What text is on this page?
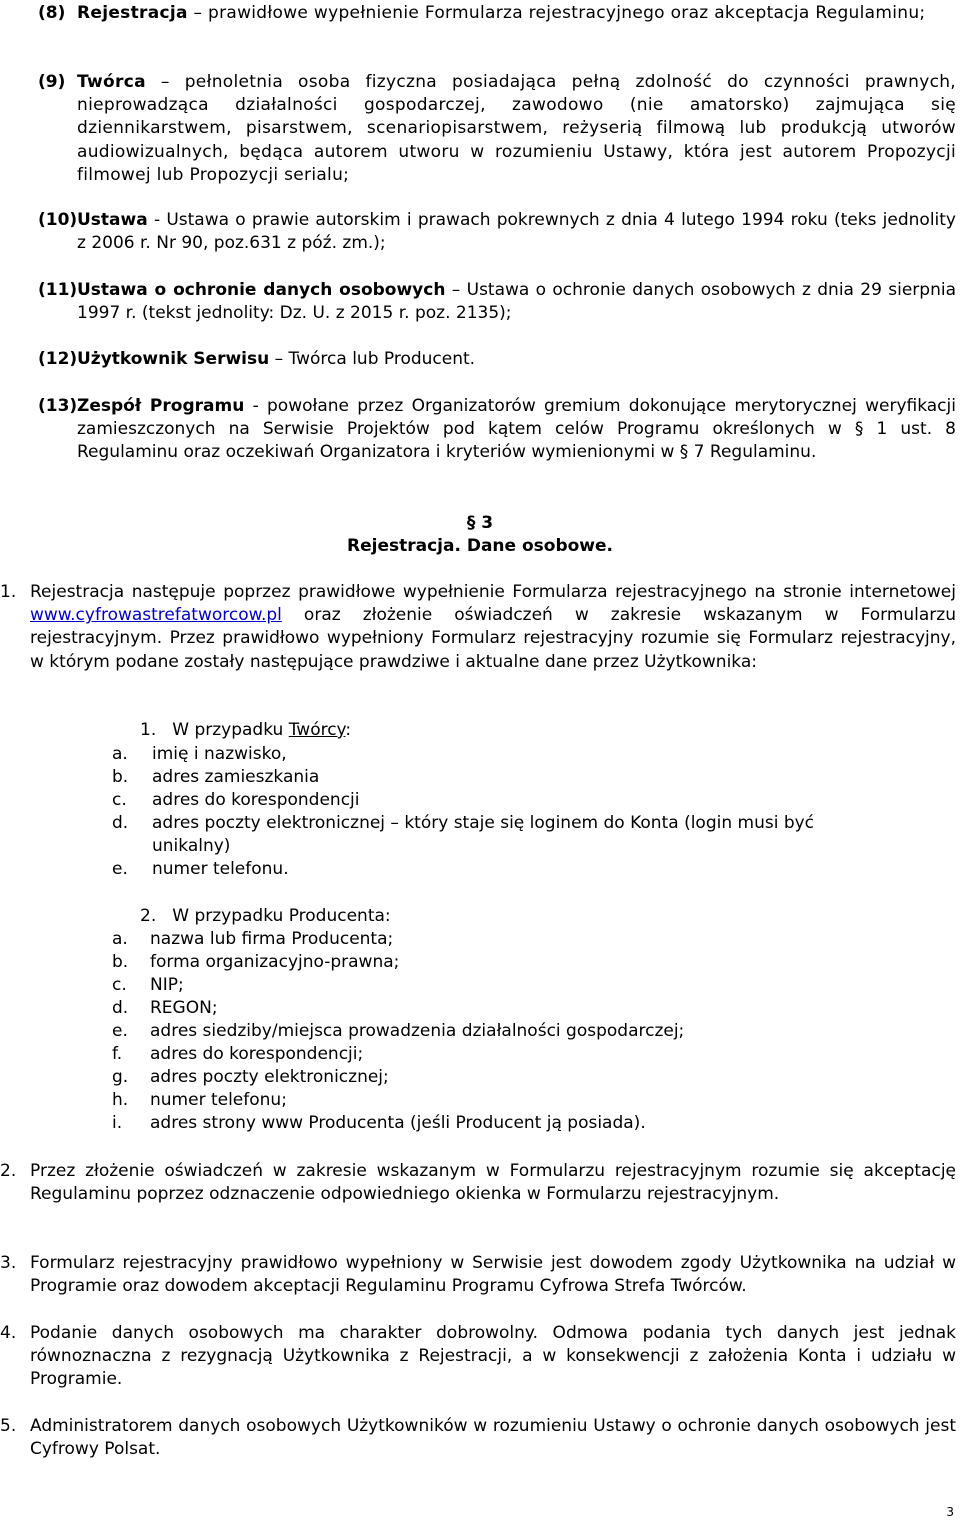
(8) Rejestracja – prawidłowe wypełnienie Formularza rejestracyjnego oraz akceptacja Regulaminu;
(9) Twórca – pełnoletnia osoba fizyczna posiadająca pełną zdolność do czynności prawnych, nieprowadząca działalności gospodarczej, zawodowo (nie amatorsko) zajmująca się dziennikarstwem, pisarstwem, scenariopisarstwem, reżyserią filmową lub produkcją utworów audiowizualnych, będąca autorem utworu w rozumieniu Ustawy, która jest autorem Propozycji filmowej lub Propozycji serialu;
(10) Ustawa - Ustawa o prawie autorskim i prawach pokrewnych z dnia 4 lutego 1994 roku (teks jednolity z 2006 r. Nr 90, poz.631 z póź. zm.);
(11) Ustawa o ochronie danych osobowych – Ustawa o ochronie danych osobowych z dnia 29 sierpnia 1997 r. (tekst jednolity: Dz. U. z 2015 r. poz. 2135);
(12) Użytkownik Serwisu – Twórca lub Producent.
(13) Zespół Programu - powołane przez Organizatorów gremium dokonujące merytorycznej weryfikacji zamieszczonych na Serwisie Projektów pod kątem celów Programu określonych w § 1 ust. 8 Regulaminu oraz oczekiwań Organizatora i kryteriów wymienionymi w § 7 Regulaminu.
§ 3
Rejestracja. Dane osobowe.
1. Rejestracja następuje poprzez prawidłowe wypełnienie Formularza rejestracyjnego na stronie internetowej www.cyfrowastrefatworcow.pl oraz złożenie oświadczeń w zakresie wskazanym w Formularzu rejestracyjnym. Przez prawidłowo wypełniony Formularz rejestracyjny rozumie się Formularz rejestracyjny, w którym podane zostały następujące prawdziwe i aktualne dane przez Użytkownika:
1. W przypadku Twórcy:
a. imię i nazwisko,
b. adres zamieszkania
c. adres do korespondencji
d. adres poczty elektronicznej – który staje się loginem do Konta (login musi być
unikalny)
e. numer telefonu.
2. W przypadku Producenta:
a. nazwa lub firma Producenta;
b. forma organizacyjno-prawna;
c. NIP;
d. REGON;
e. adres siedziby/miejsca prowadzenia działalności gospodarczej;
f. adres do korespondencji;
g. adres poczty elektronicznej;
h. numer telefonu;
i. adres strony www Producenta (jeśli Producent ją posiada).
2. Przez złożenie oświadczeń w zakresie wskazanym w Formularzu rejestracyjnym rozumie się akceptację Regulaminu poprzez odznaczenie odpowiedniego okienka w Formularzu rejestracyjnym.
3. Formularz rejestracyjny prawidłowo wypełniony w Serwisie jest dowodem zgody Użytkownika na udział w Programie oraz dowodem akceptacji Regulaminu Programu Cyfrowa Strefa Twórców.
4. Podanie danych osobowych ma charakter dobrowolny. Odmowa podania tych danych jest jednak równoznaczna z rezygnacją Użytkownika z Rejestracji, a w konsekwencji z założenia Konta i udziału w Programie.
5. Administratorem danych osobowych Użytkowników w rozumieniu Ustawy o ochronie danych osobowych jest Cyfrowy Polsat.
3
